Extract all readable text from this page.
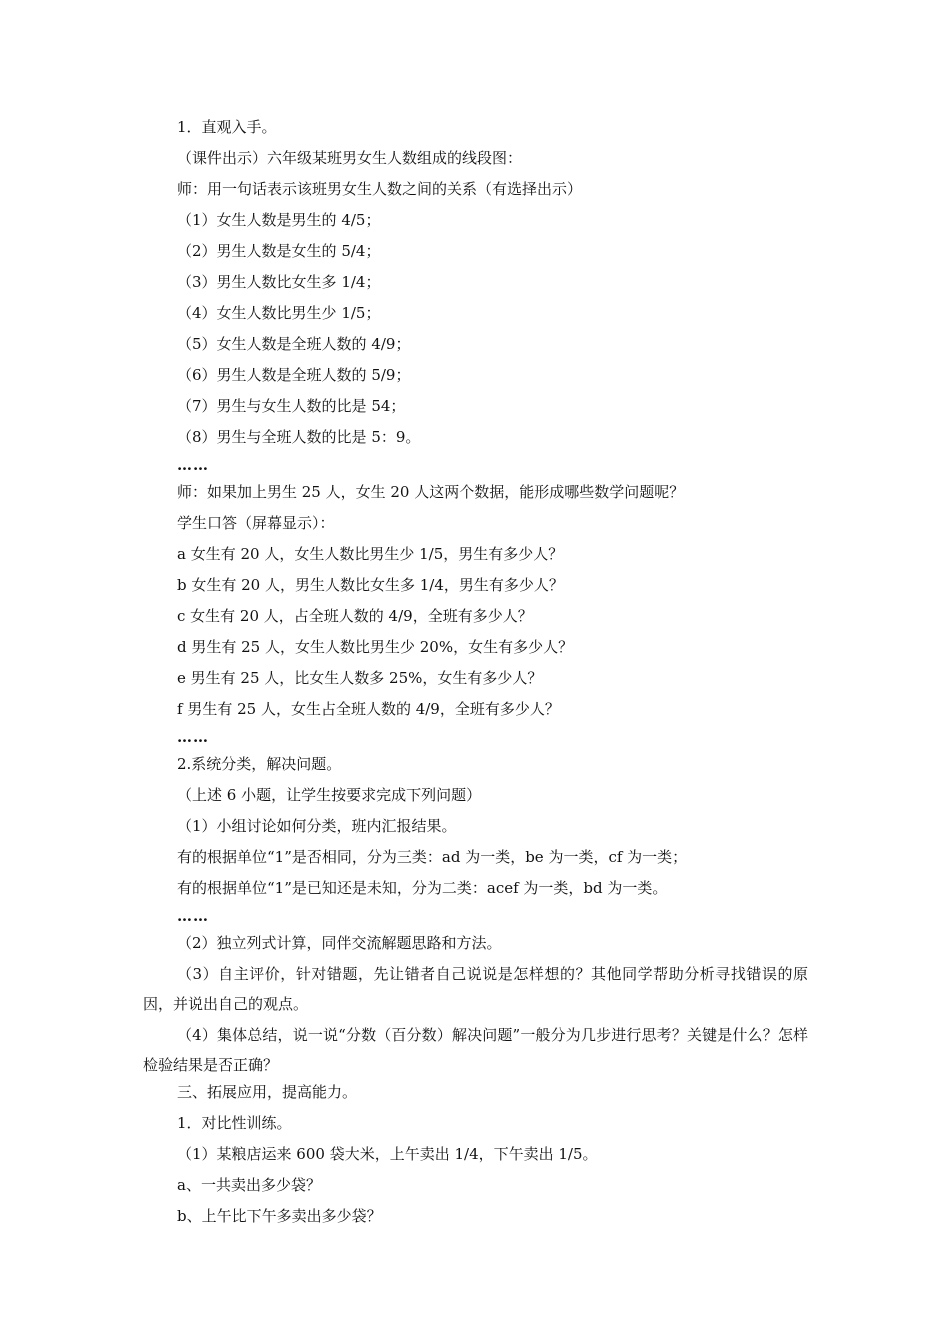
1．直观入手。
（课件出示）六年级某班男女生人数组成的线段图：
师：用一句话表示该班男女生人数之间的关系（有选择出示）
（1）女生人数是男生的 4/5；
（2）男生人数是女生的 5/4；
（3）男生人数比女生多 1/4；
（4）女生人数比男生少 1/5；
（5）女生人数是全班人数的 4/9；
（6）男生人数是全班人数的 5/9；
（7）男生与女生人数的比是 54；
（8）男生与全班人数的比是 5：9。
……
师：如果加上男生 25 人，女生 20 人这两个数据，能形成哪些数学问题呢？
学生口答（屏幕显示）：
a 女生有 20 人，女生人数比男生少 1/5，男生有多少人？
b 女生有 20 人，男生人数比女生多 1/4，男生有多少人？
c 女生有 20 人，占全班人数的 4/9，全班有多少人？
d 男生有 25 人，女生人数比男生少 20%，女生有多少人？
e 男生有 25 人，比女生人数多 25%，女生有多少人？
f 男生有 25 人，女生占全班人数的 4/9，全班有多少人？
……
2.系统分类，解决问题。
（上述 6 小题，让学生按要求完成下列问题）
（1）小组讨论如何分类，班内汇报结果。
有的根据单位“1”是否相同，分为三类：ad 为一类，be 为一类，cf 为一类；
有的根据单位“1”是已知还是未知，分为二类：acef 为一类，bd 为一类。
……
（2）独立列式计算，同伴交流解题思路和方法。
（3）自主评价，针对错题，先让错者自己说说是怎样想的？其他同学帮助分析寻找错误的原因，并说出自己的观点。
（4）集体总结，说一说“分数（百分数）解决问题”一般分为几步进行思考？关键是什么？怎样检验结果是否正确？
三、拓展应用，提高能力。
1．对比性训练。
（1）某粮店运来 600 袋大米，上午卖出 1/4，下午卖出 1/5。
a、一共卖出多少袋？
b、上午比下午多卖出多少袋？
